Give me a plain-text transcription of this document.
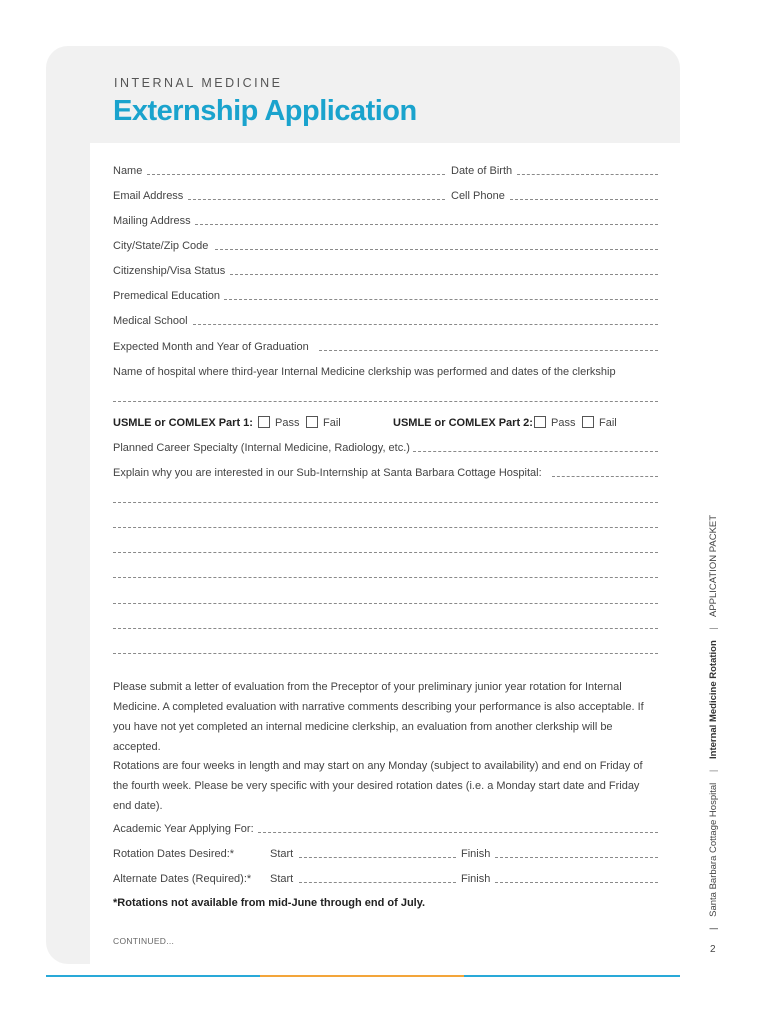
INTERNAL MEDICINE
Externship Application
Name	Date of Birth
Email Address	Cell Phone
Mailing Address
City/State/Zip Code
Citizenship/Visa Status
Premedical Education
Medical School
Expected Month and Year of Graduation
Name of hospital where third-year Internal Medicine clerkship was performed and dates of the clerkship
USMLE or COMLEX Part 1: Pass Fail	USMLE or COMLEX Part 2: Pass Fail
Planned Career Specialty (Internal Medicine, Radiology, etc.)
Explain why you are interested in our Sub-Internship at Santa Barbara Cottage Hospital:
Please submit a letter of evaluation from the Preceptor of your preliminary junior year rotation for Internal Medicine. A completed evaluation with narrative comments describing your performance is also acceptable. If you have not yet completed an internal medicine clerkship, an evaluation from another clerkship will be accepted.
Rotations are four weeks in length and may start on any Monday (subject to availability) and end on Friday of the fourth week. Please be very specific with your desired rotation dates (i.e. a Monday start date and Friday end date).
Academic Year Applying For:
Rotation Dates Desired:*	Start	Finish
Alternate Dates (Required):* Start	Finish
*Rotations not available from mid-June through end of July.
CONTINUED...
| Santa Barbara Cottage Hospital | Internal Medicine Rotation | APPLICATION PACKET
2
